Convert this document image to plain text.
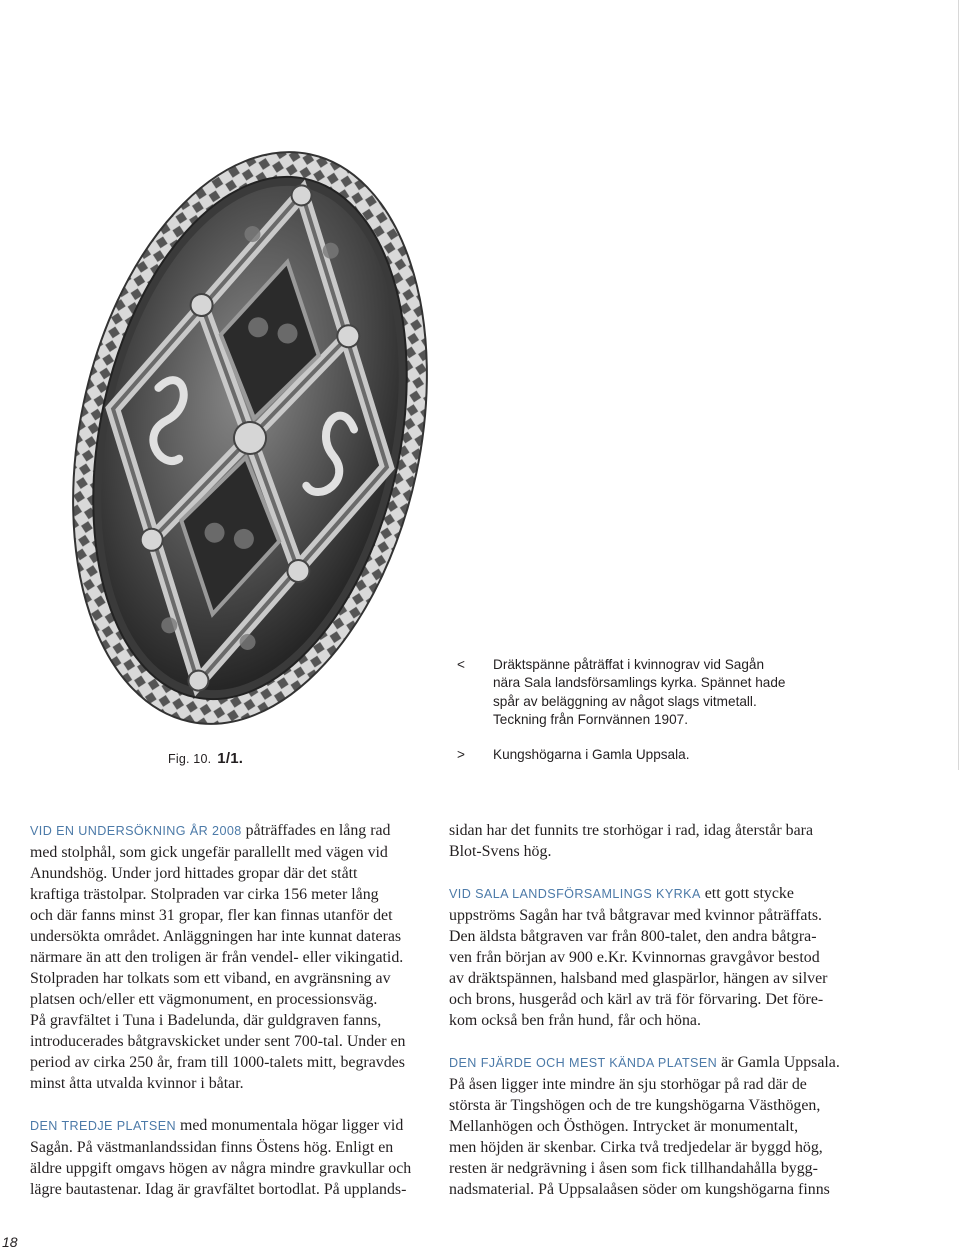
Fig. 10. 1/1.
< Dräktspänne påträffat i kvinnograv vid Sagån
nära Sala landsförsamlings kyrka. Spännet hade
spår av beläggning av något slags vitmetall.
Teckning från Fornvännen 1907.
> Kungshögarna i Gamla Uppsala.

VID EN UNDERSÖKNING ÅR 2008 påträffades en lång rad
med stolphål, som gick ungefär parallellt med vägen vid
Anundshög. Under jord hittades gropar där det stått
kraftiga trästolpar. Stolpraden var cirka 156 meter lång
och där fanns minst 31 gropar, fler kan finnas utanför det
undersökta området. Anläggningen har inte kunnat dateras
närmare än att den troligen är från vendel- eller vikingatid.
Stolpraden har tolkats som ett viband, en avgränsning av
platsen och/eller ett vägmonument, en processionsväg.
På gravfältet i Tuna i Badelunda, där guldgraven fanns,
introducerades båtgravskicket under sent 700-tal. Under en
period av cirka 250 år, fram till 1000-talets mitt, begravdes
minst åtta utvalda kvinnor i båtar.

DEN TREDJE PLATSEN med monumentala högar ligger vid
Sagån. På västmanlandssidan finns Östens hög. Enligt en
äldre uppgift omgavs högen av några mindre gravkullar och
lägre bautastenar. Idag är gravfältet bortodlat. På upplands-

sidan har det funnits tre storhögar i rad, idag återstår bara
Blot-Svens hög.

VID SALA LANDSFÖRSAMLINGS KYRKA ett gott stycke
uppströms Sagån har två båtgravar med kvinnor påträffats.
Den äldsta båtgraven var från 800-talet, den andra båtgra-
ven från början av 900 e.Kr. Kvinnornas gravgåvor bestod
av dräktspännen, halsband med glaspärlor, hängen av silver
och brons, husgeråd och kärl av trä för förvaring. Det före-
kom också ben från hund, får och höna.

DEN FJÄRDE OCH MEST KÄNDA PLATSEN är Gamla Uppsala.
På åsen ligger inte mindre än sju storhögar på rad där de
största är Tingshögen och de tre kungshögarna Västhögen,
Mellanhögen och Östhögen. Intrycket är monumentalt,
men höjden är skenbar. Cirka två tredjedelar är byggd hög,
resten är nedgrävning i åsen som fick tillhandahålla bygg-
nadsmaterial. På Uppsalaåsen söder om kungshögarna finns

18
